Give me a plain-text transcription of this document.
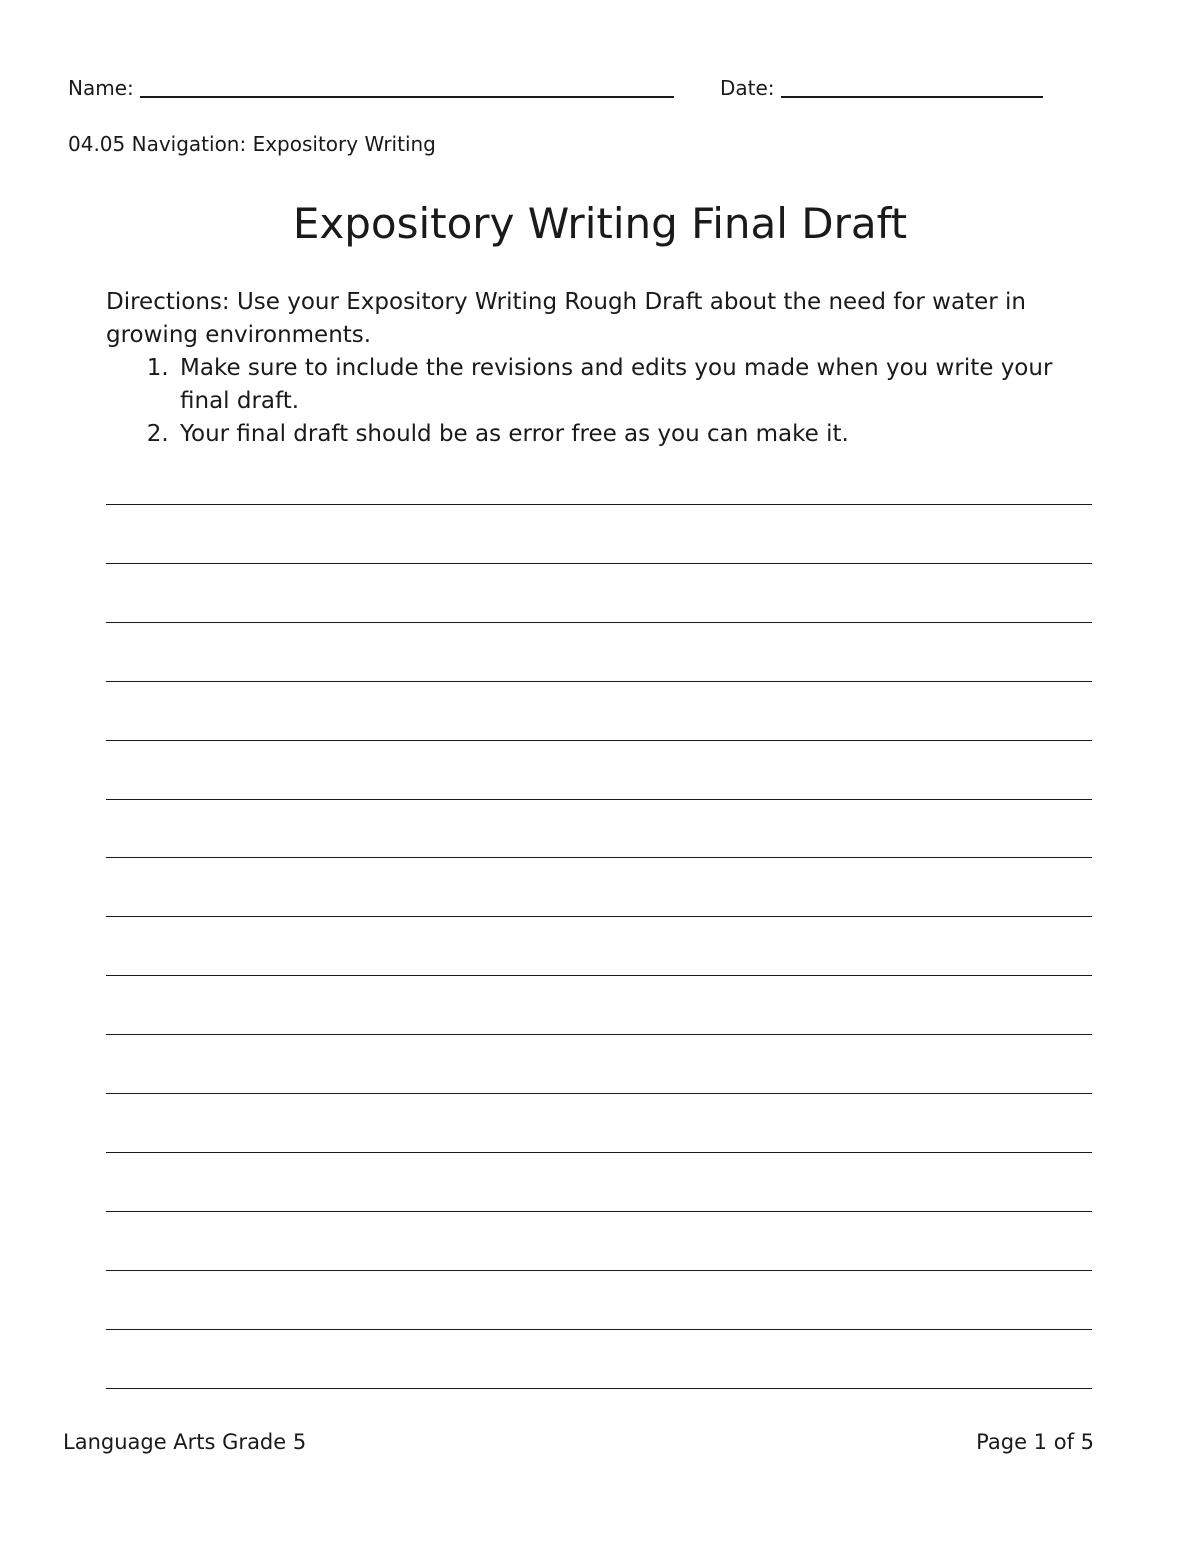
Name:	Date:
04.05 Navigation: Expository Writing
Expository Writing Final Draft

Directions: Use your Expository Writing Rough Draft about the need for water in growing environments.

1. Make sure to include the revisions and edits you made when you write your final draft.
2. Your final draft should be as error free as you can make it.
Language Arts Grade 5	Page 1 of 5
